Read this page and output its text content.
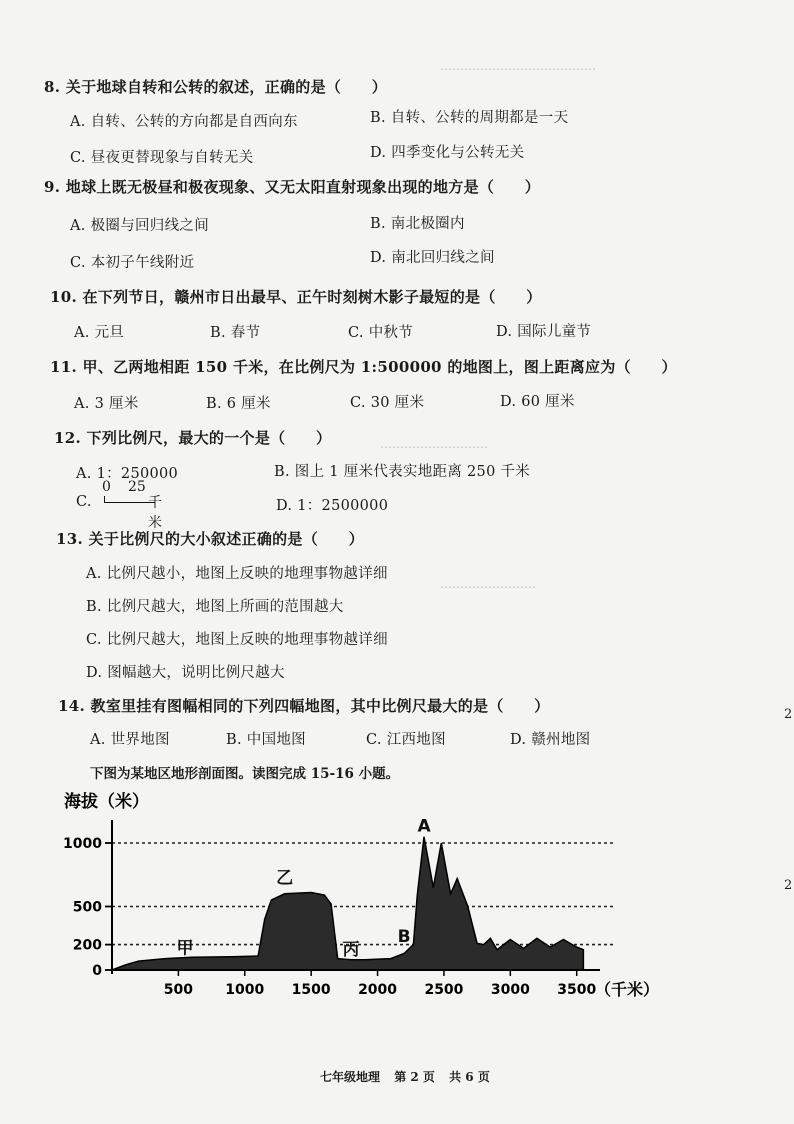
⋯⋯⋯⋯⋯⋯⋯⋯⋯⋯⋯⋯⋯
8. 关于地球自转和公转的叙述，正确的是（　　）
A. 自转、公转的方向都是自西向东	B. 自转、公转的周期都是一天
C. 昼夜更替现象与自转无关	D. 四季变化与公转无关
9. 地球上既无极昼和极夜现象、又无太阳直射现象出现的地方是（　　）
A. 极圈与回归线之间	B. 南北极圈内
C. 本初子午线附近	D. 南北回归线之间
10. 在下列节日，赣州市日出最早、正午时刻树木影子最短的是（　　）
A. 元旦	B. 春节	C. 中秋节	D. 国际儿童节
11. 甲、乙两地相距 150 千米，在比例尺为 1:500000 的地图上，图上距离应为（　　）
A. 3 厘米	B. 6 厘米	C. 30 厘米	D. 60 厘米
12. 下列比例尺，最大的一个是（　　）	⋯⋯⋯⋯⋯⋯⋯⋯⋯
A. 1：250000	B. 图上 1 厘米代表实地距离 250 千米
C.
0 25
千米
D. 1：2500000
13. 关于比例尺的大小叙述正确的是（　　）
A. 比例尺越小，地图上反映的地理事物越详细
B. 比例尺越大，地图上所画的范围越大
C. 比例尺越大，地图上反映的地理事物越详细
D. 图幅越大，说明比例尺越大
⋯⋯⋯⋯⋯⋯⋯⋯
14. 教室里挂有图幅相同的下列四幅地图，其中比例尺最大的是（　　）
A. 世界地图	B. 中国地图	C. 江西地图	D. 赣州地图
下图为某地区地形剖面图。读图完成 15-16 小题。
海拔（米）
0
200
500
1000
500 1000 1500 2000 2500 3000 3500
甲
乙
丙
B
A
（千米）
2
2
七年级地理 第 2 页 共 6 页
